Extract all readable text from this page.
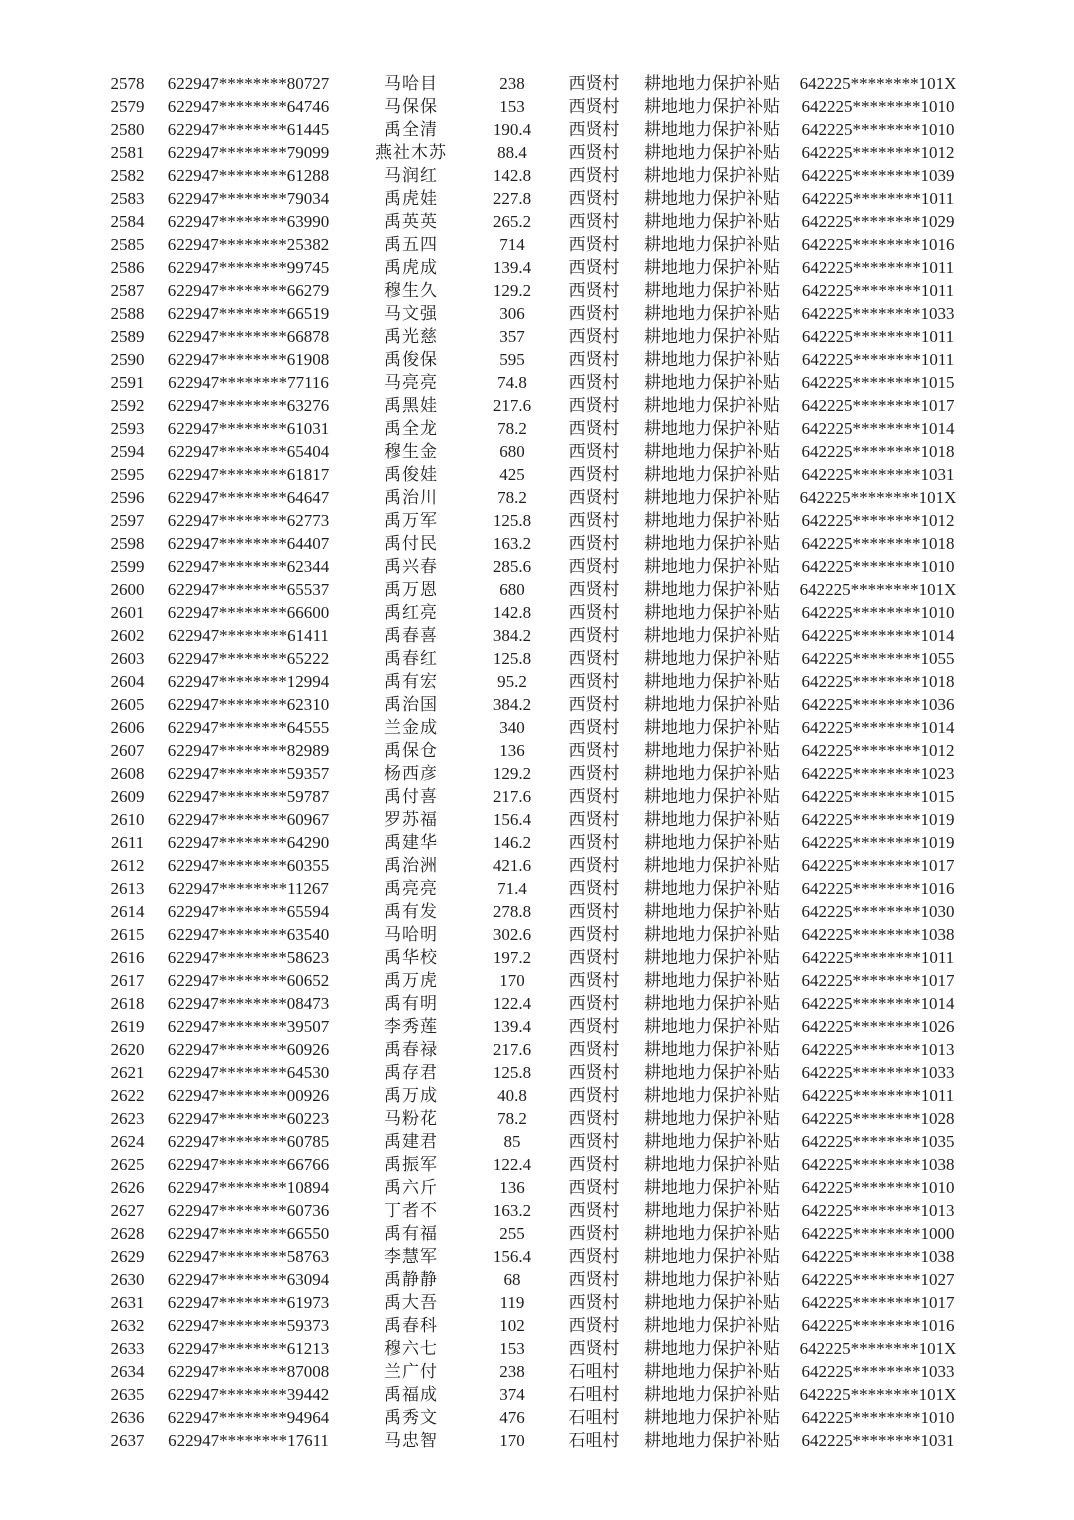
2578	622947********80727	马哈目	238	西贤村	耕地地力保护补贴	642225********101X
2579	622947********64746	马保保	153	西贤村	耕地地力保护补贴	642225********1010
2580	622947********61445	禹全清	190.4	西贤村	耕地地力保护补贴	642225********1010
2581	622947********79099	燕社木苏	88.4	西贤村	耕地地力保护补贴	642225********1012
2582	622947********61288	马润红	142.8	西贤村	耕地地力保护补贴	642225********1039
2583	622947********79034	禹虎娃	227.8	西贤村	耕地地力保护补贴	642225********1011
2584	622947********63990	禹英英	265.2	西贤村	耕地地力保护补贴	642225********1029
2585	622947********25382	禹五四	714	西贤村	耕地地力保护补贴	642225********1016
2586	622947********99745	禹虎成	139.4	西贤村	耕地地力保护补贴	642225********1011
2587	622947********66279	穆生久	129.2	西贤村	耕地地力保护补贴	642225********1011
2588	622947********66519	马文强	306	西贤村	耕地地力保护补贴	642225********1033
2589	622947********66878	禹光慈	357	西贤村	耕地地力保护补贴	642225********1011
2590	622947********61908	禹俊保	595	西贤村	耕地地力保护补贴	642225********1011
2591	622947********77116	马亮亮	74.8	西贤村	耕地地力保护补贴	642225********1015
2592	622947********63276	禹黑娃	217.6	西贤村	耕地地力保护补贴	642225********1017
2593	622947********61031	禹全龙	78.2	西贤村	耕地地力保护补贴	642225********1014
2594	622947********65404	穆生金	680	西贤村	耕地地力保护补贴	642225********1018
2595	622947********61817	禹俊娃	425	西贤村	耕地地力保护补贴	642225********1031
2596	622947********64647	禹治川	78.2	西贤村	耕地地力保护补贴	642225********101X
2597	622947********62773	禹万军	125.8	西贤村	耕地地力保护补贴	642225********1012
2598	622947********64407	禹付民	163.2	西贤村	耕地地力保护补贴	642225********1018
2599	622947********62344	禹兴春	285.6	西贤村	耕地地力保护补贴	642225********1010
2600	622947********65537	禹万恩	680	西贤村	耕地地力保护补贴	642225********101X
2601	622947********66600	禹红亮	142.8	西贤村	耕地地力保护补贴	642225********1010
2602	622947********61411	禹春喜	384.2	西贤村	耕地地力保护补贴	642225********1014
2603	622947********65222	禹春红	125.8	西贤村	耕地地力保护补贴	642225********1055
2604	622947********12994	禹有宏	95.2	西贤村	耕地地力保护补贴	642225********1018
2605	622947********62310	禹治国	384.2	西贤村	耕地地力保护补贴	642225********1036
2606	622947********64555	兰金成	340	西贤村	耕地地力保护补贴	642225********1014
2607	622947********82989	禹保仓	136	西贤村	耕地地力保护补贴	642225********1012
2608	622947********59357	杨西彦	129.2	西贤村	耕地地力保护补贴	642225********1023
2609	622947********59787	禹付喜	217.6	西贤村	耕地地力保护补贴	642225********1015
2610	622947********60967	罗苏福	156.4	西贤村	耕地地力保护补贴	642225********1019
2611	622947********64290	禹建华	146.2	西贤村	耕地地力保护补贴	642225********1019
2612	622947********60355	禹治洲	421.6	西贤村	耕地地力保护补贴	642225********1017
2613	622947********11267	禹亮亮	71.4	西贤村	耕地地力保护补贴	642225********1016
2614	622947********65594	禹有发	278.8	西贤村	耕地地力保护补贴	642225********1030
2615	622947********63540	马哈明	302.6	西贤村	耕地地力保护补贴	642225********1038
2616	622947********58623	禹华校	197.2	西贤村	耕地地力保护补贴	642225********1011
2617	622947********60652	禹万虎	170	西贤村	耕地地力保护补贴	642225********1017
2618	622947********08473	禹有明	122.4	西贤村	耕地地力保护补贴	642225********1014
2619	622947********39507	李秀莲	139.4	西贤村	耕地地力保护补贴	642225********1026
2620	622947********60926	禹春禄	217.6	西贤村	耕地地力保护补贴	642225********1013
2621	622947********64530	禹存君	125.8	西贤村	耕地地力保护补贴	642225********1033
2622	622947********00926	禹万成	40.8	西贤村	耕地地力保护补贴	642225********1011
2623	622947********60223	马粉花	78.2	西贤村	耕地地力保护补贴	642225********1028
2624	622947********60785	禹建君	85	西贤村	耕地地力保护补贴	642225********1035
2625	622947********66766	禹振军	122.4	西贤村	耕地地力保护补贴	642225********1038
2626	622947********10894	禹六斤	136	西贤村	耕地地力保护补贴	642225********1010
2627	622947********60736	丁者不	163.2	西贤村	耕地地力保护补贴	642225********1013
2628	622947********66550	禹有福	255	西贤村	耕地地力保护补贴	642225********1000
2629	622947********58763	李慧军	156.4	西贤村	耕地地力保护补贴	642225********1038
2630	622947********63094	禹静静	68	西贤村	耕地地力保护补贴	642225********1027
2631	622947********61973	禹大吾	119	西贤村	耕地地力保护补贴	642225********1017
2632	622947********59373	禹春科	102	西贤村	耕地地力保护补贴	642225********1016
2633	622947********61213	穆六七	153	西贤村	耕地地力保护补贴	642225********101X
2634	622947********87008	兰广付	238	石咀村	耕地地力保护补贴	642225********1033
2635	622947********39442	禹福成	374	石咀村	耕地地力保护补贴	642225********101X
2636	622947********94964	禹秀文	476	石咀村	耕地地力保护补贴	642225********1010
2637	622947********17611	马忠智	170	石咀村	耕地地力保护补贴	642225********1031
